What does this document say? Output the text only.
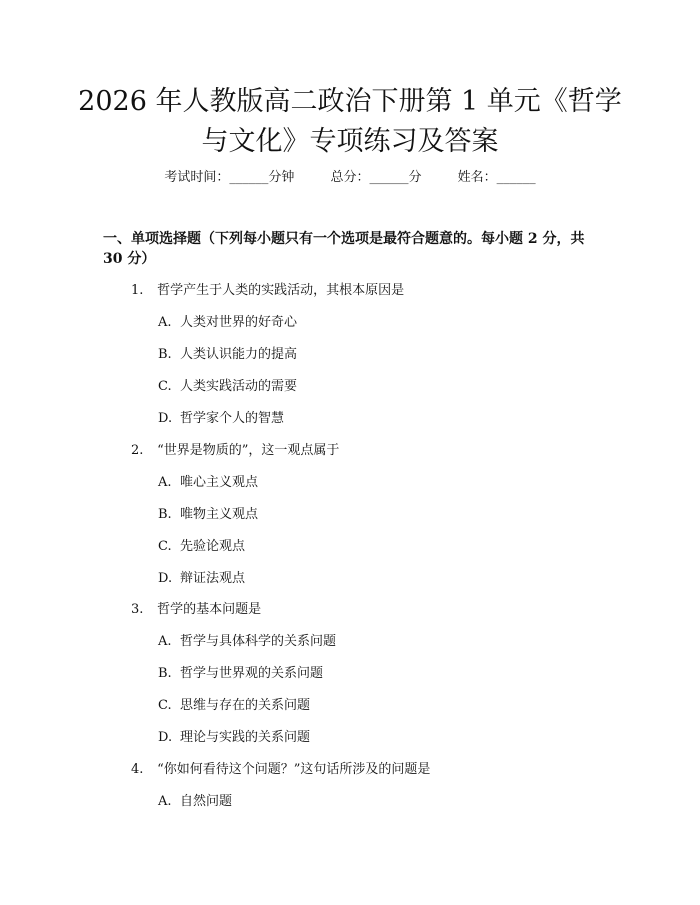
2026 年人教版高二政治下册第 1 单元《哲学
与文化》专项练习及答案
考试时间：______分钟	总分：______分	姓名：______
一、单项选择题（下列每小题只有一个选项是最符合题意的。每小题 2 分，共 30 分）
1. 哲学产生于人类的实践活动，其根本原因是
A. 人类对世界的好奇心
B. 人类认识能力的提高
C. 人类实践活动的需要
D. 哲学家个人的智慧
2. “世界是物质的”，这一观点属于
A. 唯心主义观点
B. 唯物主义观点
C. 先验论观点
D. 辩证法观点
3. 哲学的基本问题是
A. 哲学与具体科学的关系问题
B. 哲学与世界观的关系问题
C. 思维与存在的关系问题
D. 理论与实践的关系问题
4. “你如何看待这个问题？”这句话所涉及的问题是
A. 自然问题
